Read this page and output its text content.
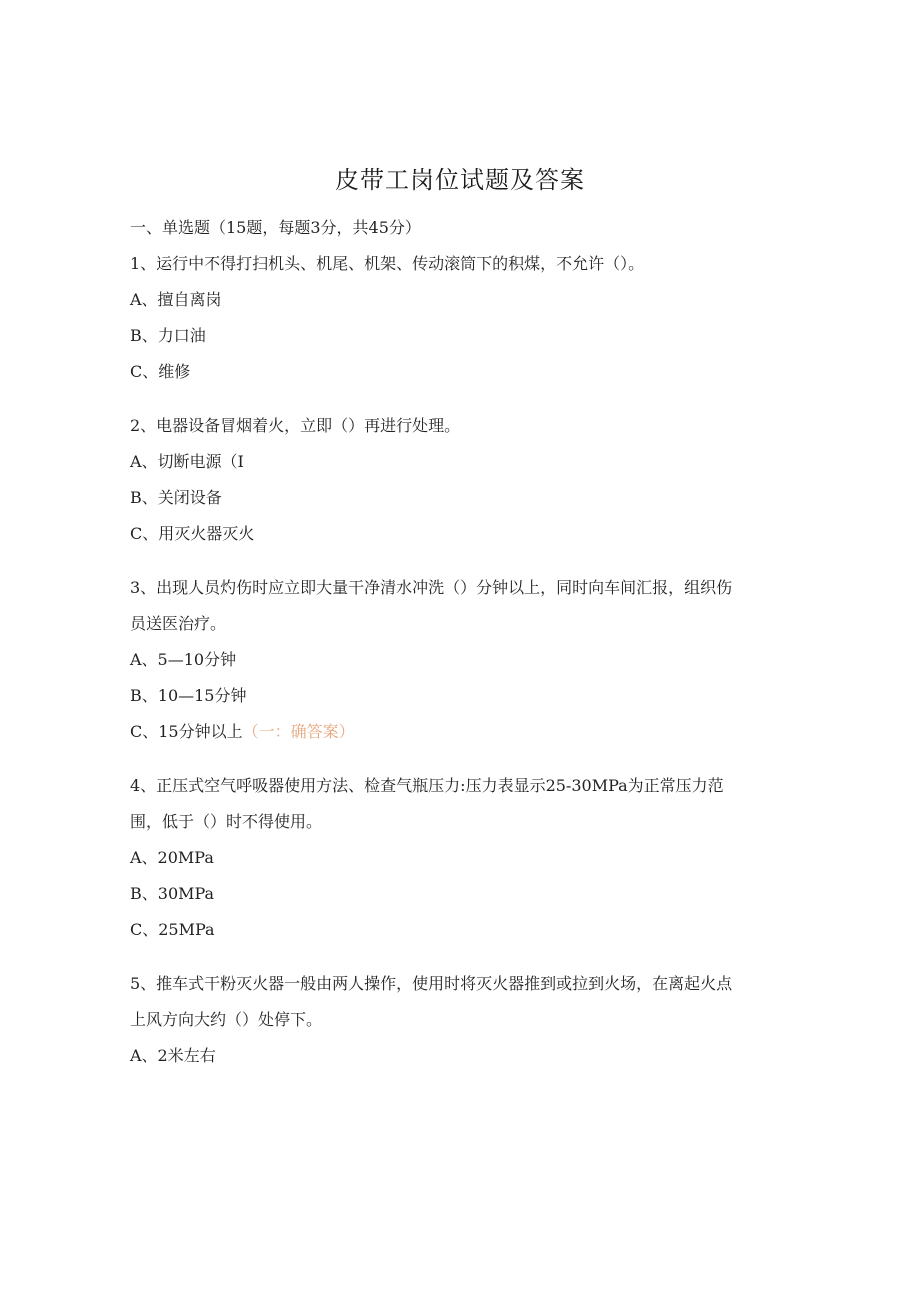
皮带工岗位试题及答案
一、单选题（15题，每题3分，共45分）
1、运行中不得打扫机头、机尾、机架、传动滚筒下的积煤，不允许（）。
A、擅自离岗
B、力口油
C、维修
2、电器设备冒烟着火，立即（）再进行处理。
A、切断电源（I
B、关闭设备
C、用灭火器灭火
3、出现人员灼伤时应立即大量干净清水冲洗（）分钟以上，同时向车间汇报，组织伤
员送医治疗。
A、5—10分钟
B、10—15分钟
C、15分钟以上（一：确答案）
4、正压式空气呼吸器使用方法、检查气瓶压力:压力表显示25-30MPa为正常压力范
围，低于（）时不得使用。
A、20MPa
B、30MPa
C、25MPa
5、推车式干粉灭火器一般由两人操作，使用时将灭火器推到或拉到火场，在离起火点
上风方向大约（）处停下。
A、2米左右
